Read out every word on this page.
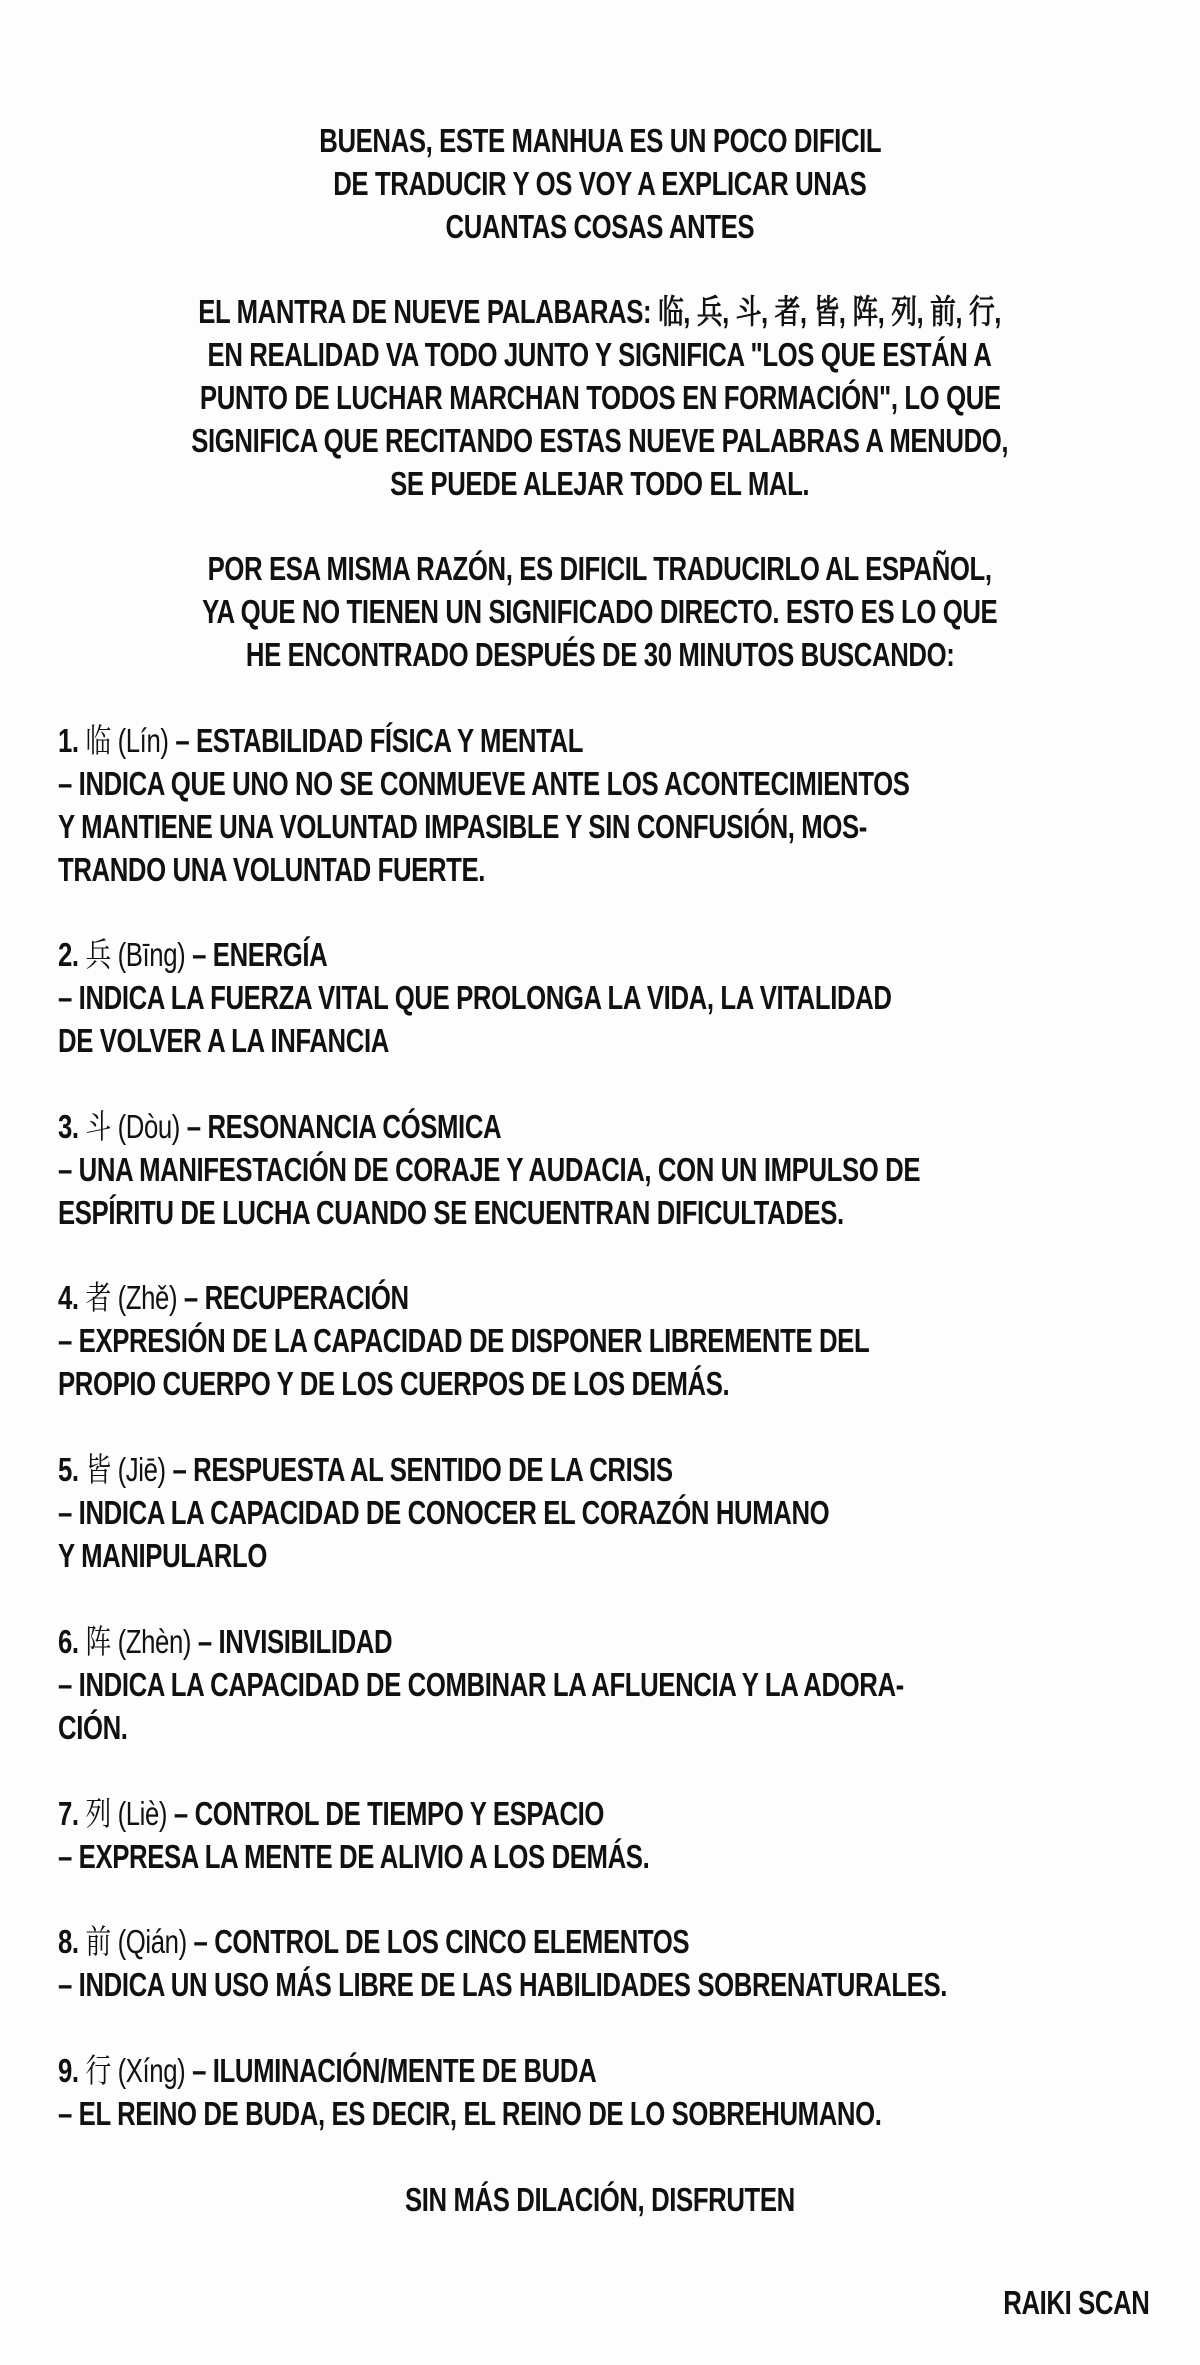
BUENAS, ESTE MANHUA ES UN POCO DIFICIL
DE TRADUCIR Y OS VOY A EXPLICAR UNAS
CUANTAS COSAS ANTES
EL MANTRA DE NUEVE PALABARAS: 临, 兵, 斗, 者, 皆, 阵, 列, 前, 行,
EN REALIDAD VA TODO JUNTO Y SIGNIFICA "LOS QUE ESTÁN A
PUNTO DE LUCHAR MARCHAN TODOS EN FORMACIÓN", LO QUE
SIGNIFICA QUE RECITANDO ESTAS NUEVE PALABRAS A MENUDO,
SE PUEDE ALEJAR TODO EL MAL.
POR ESA MISMA RAZÓN, ES DIFICIL TRADUCIRLO AL ESPAÑOL,
YA QUE NO TIENEN UN SIGNIFICADO DIRECTO. ESTO ES LO QUE
HE ENCONTRADO DESPUÉS DE 30 MINUTOS BUSCANDO:
1. 临 (Lín) – ESTABILIDAD FÍSICA Y MENTAL
– INDICA QUE UNO NO SE CONMUEVE ANTE LOS ACONTECIMIENTOS
Y MANTIENE UNA VOLUNTAD IMPASIBLE Y SIN CONFUSIÓN, MOS-
TRANDO UNA VOLUNTAD FUERTE.
2. 兵 (Bīng) – ENERGÍA
– INDICA LA FUERZA VITAL QUE PROLONGA LA VIDA, LA VITALIDAD
DE VOLVER A LA INFANCIA
3. 斗 (Dòu) – RESONANCIA CÓSMICA
– UNA MANIFESTACIÓN DE CORAJE Y AUDACIA, CON UN IMPULSO DE
ESPÍRITU DE LUCHA CUANDO SE ENCUENTRAN DIFICULTADES.
4. 者 (Zhě) – RECUPERACIÓN
– EXPRESIÓN DE LA CAPACIDAD DE DISPONER LIBREMENTE DEL
PROPIO CUERPO Y DE LOS CUERPOS DE LOS DEMÁS.
5. 皆 (Jiē) – RESPUESTA AL SENTIDO DE LA CRISIS
– INDICA LA CAPACIDAD DE CONOCER EL CORAZÓN HUMANO
Y MANIPULARLO
6. 阵 (Zhèn) – INVISIBILIDAD
– INDICA LA CAPACIDAD DE COMBINAR LA AFLUENCIA Y LA ADORA-
CIÓN.
7. 列 (Liè) – CONTROL DE TIEMPO Y ESPACIO
– EXPRESA LA MENTE DE ALIVIO A LOS DEMÁS.
8. 前 (Qián) – CONTROL DE LOS CINCO ELEMENTOS
– INDICA UN USO MÁS LIBRE DE LAS HABILIDADES SOBRENATURALES.
9. 行 (Xíng) – ILUMINACIÓN/MENTE DE BUDA
– EL REINO DE BUDA, ES DECIR, EL REINO DE LO SOBREHUMANO.
SIN MÁS DILACIÓN, DISFRUTEN
RAIKI SCAN
